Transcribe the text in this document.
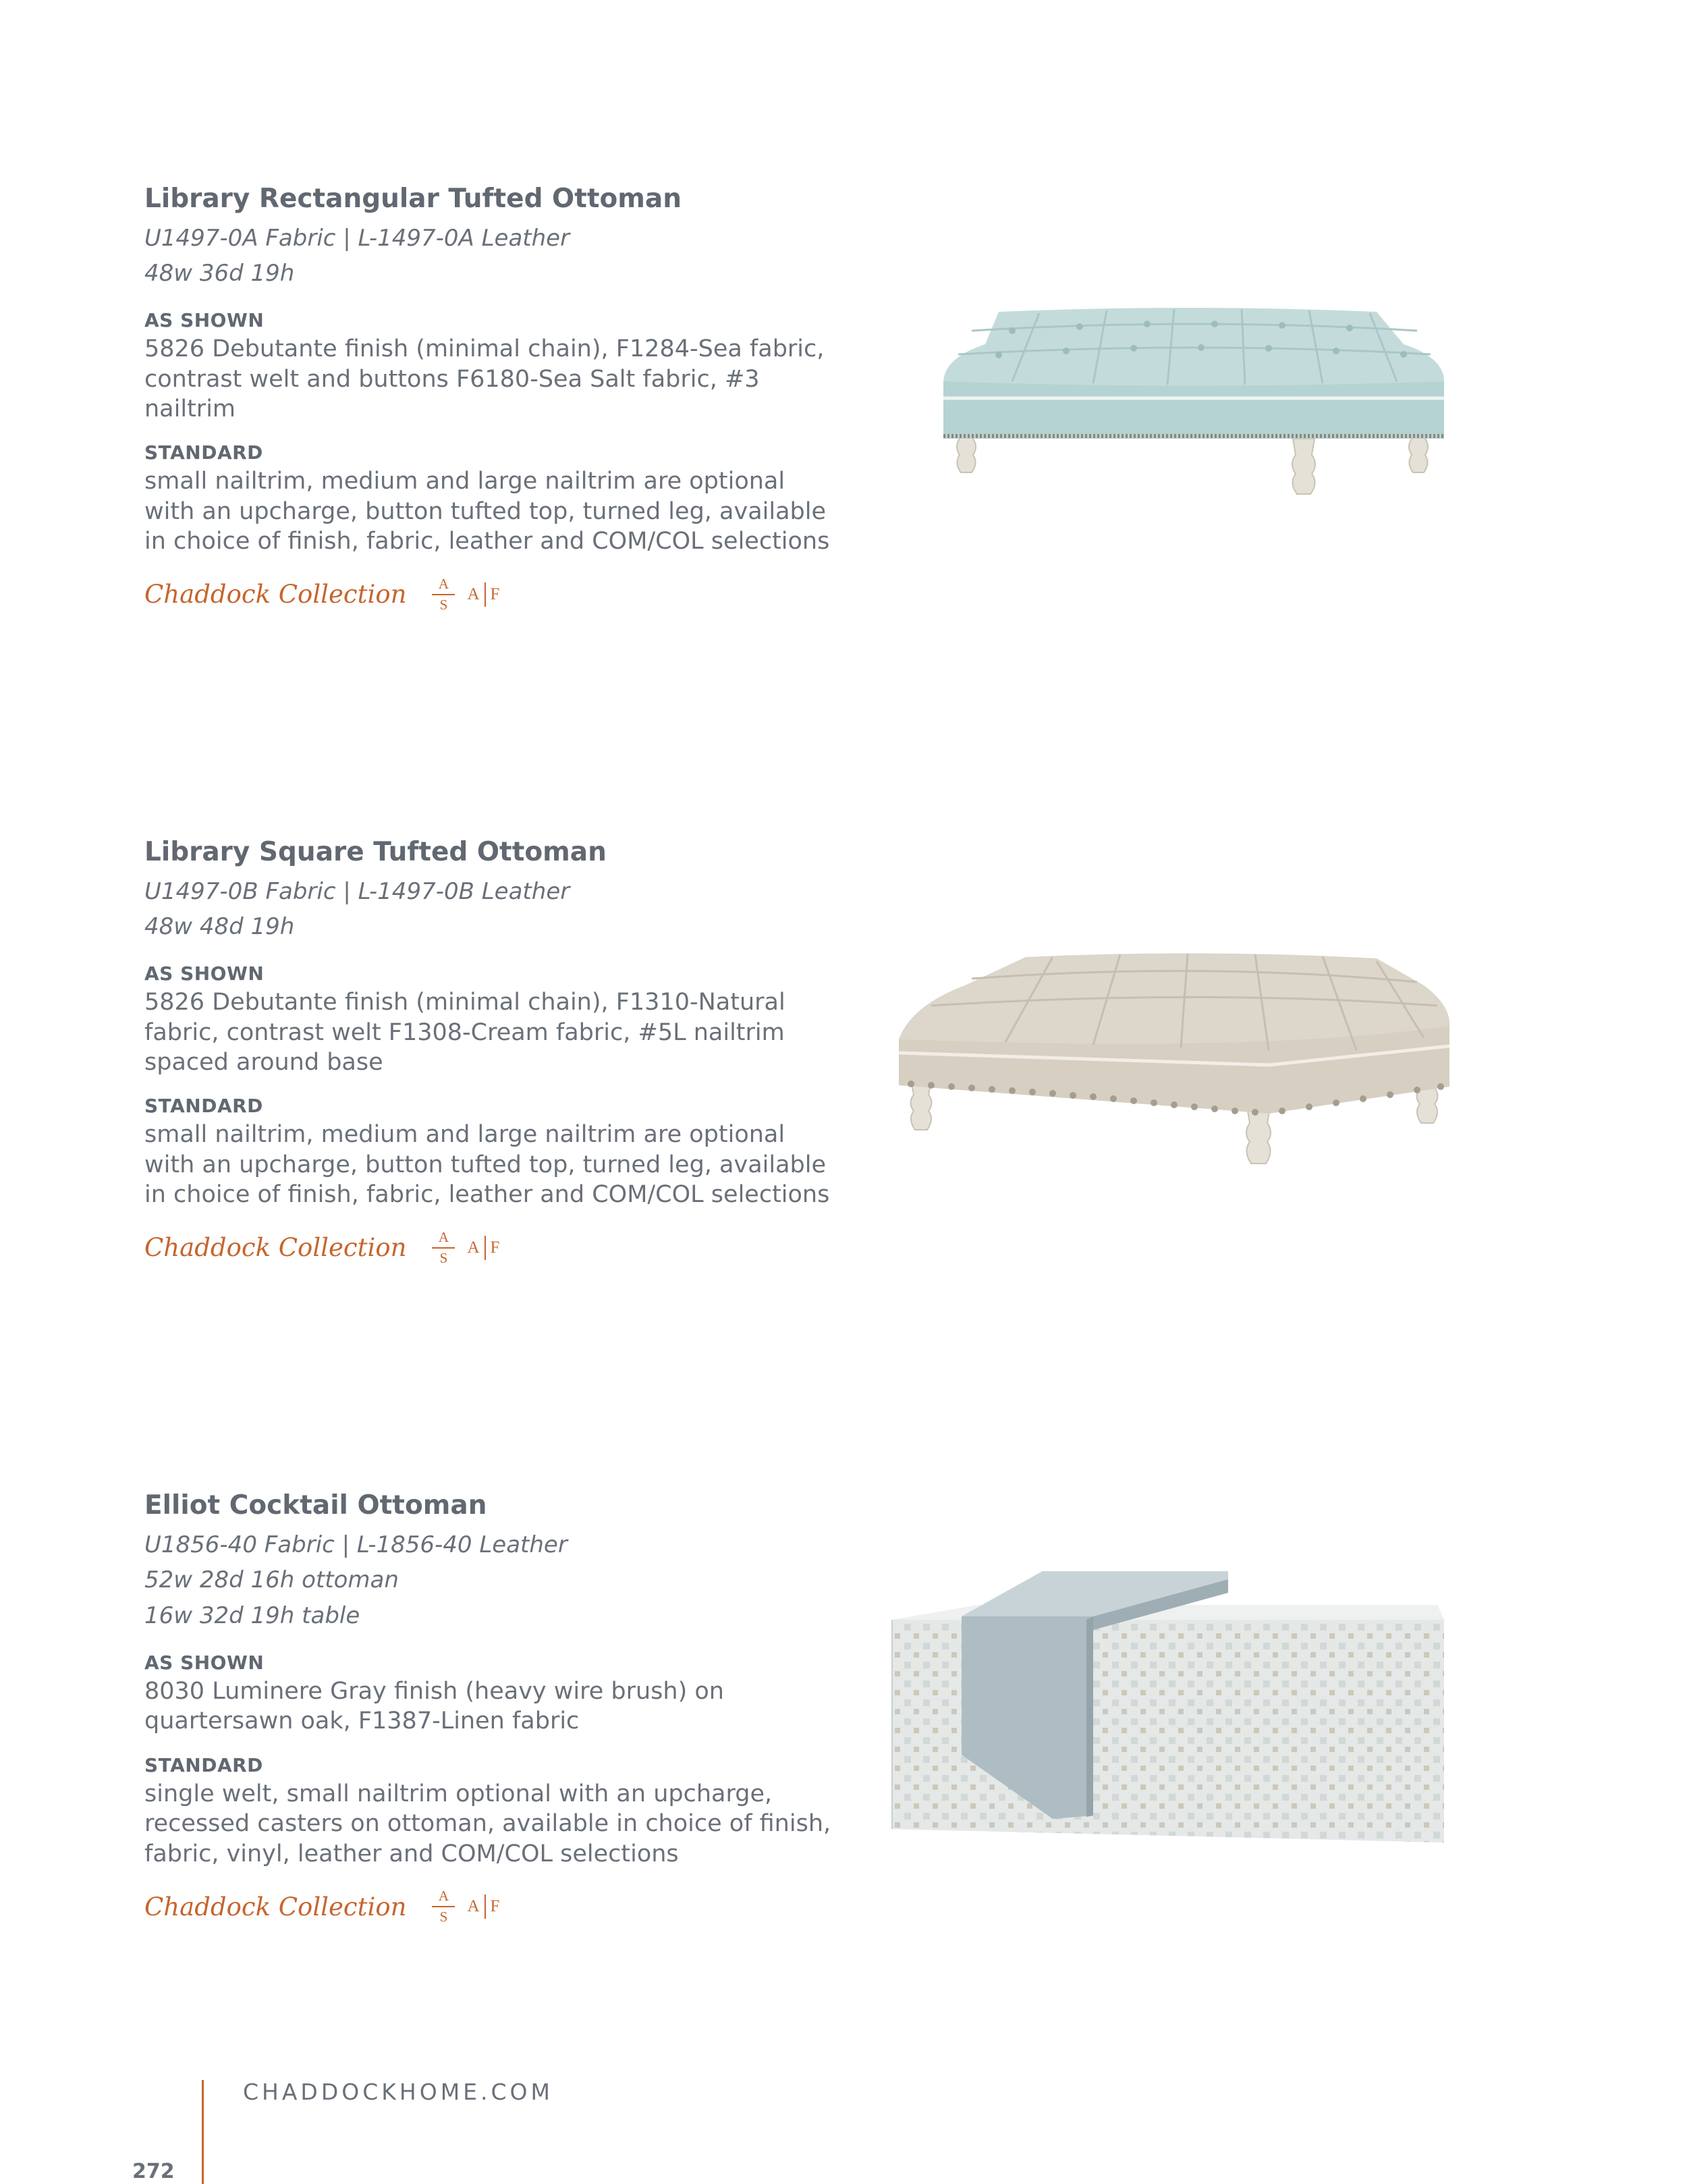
Library Rectangular Tufted Ottoman
U1497-0A Fabric | L-1497-0A Leather
48w 36d 19h
AS SHOWN
5826 Debutante finish (minimal chain), F1284-Sea fabric, contrast welt and buttons F6180-Sea Salt fabric, #3 nailtrim
STANDARD
small nailtrim, medium and large nailtrim are optional with an upcharge, button tufted top, turned leg, available in choice of finish, fabric, leather and COM/COL selections
Chaddock Collection $\frac{A}{S}$ A F
Library Square Tufted Ottoman
U1497-0B Fabric | L-1497-0B Leather
48w 48d 19h
AS SHOWN
5826 Debutante finish (minimal chain), F1310-Natural fabric, contrast welt F1308-Cream fabric, #5L nailtrim spaced around base
STANDARD
small nailtrim, medium and large nailtrim are optional with an upcharge, button tufted top, turned leg, available in choice of finish, fabric, leather and COM/COL selections
Chaddock Collection $\frac{A}{S}$ A F
Elliot Cocktail Ottoman
U1856-40 Fabric | L-1856-40 Leather
52w 28d 16h ottoman
16w 32d 19h table
AS SHOWN
8030 Luminere Gray finish (heavy wire brush) on quartersawn oak, F1387-Linen fabric
STANDARD
single welt, small nailtrim optional with an upcharge, recessed casters on ottoman, available in choice of finish, fabric, vinyl, leather and COM/COL selections
Chaddock Collection $\frac{A}{S}$ A F
CHADDOCKHOME.COM
272
